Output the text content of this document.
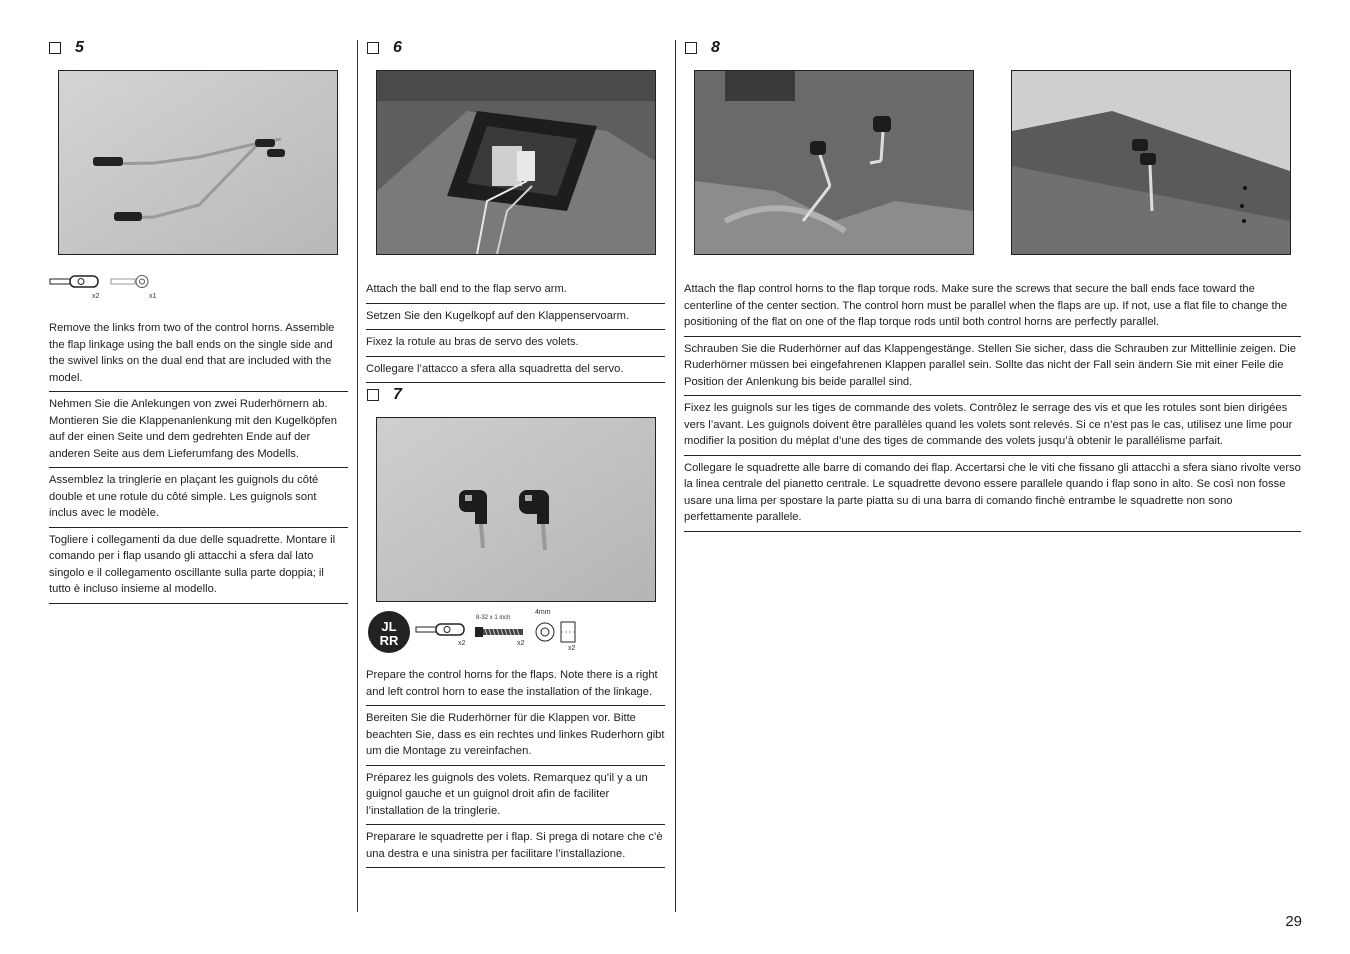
5
x2	x1

Remove the links from two of the control horns. Assemble the flap linkage using the ball ends on the single side and the swivel links on the dual end that are included with the model.

Nehmen Sie die Anlekungen von zwei Ruderhörnern ab. Montieren Sie die Klappenanlenkung mit den Kugelköpfen auf der einen Seite und dem gedrehten Ende auf der anderen Seite aus dem Lieferumfang des Modells.

Assemblez la tringlerie en plaçant les guignols du côté double et une rotule du côté simple. Les guignols sont inclus avec le modèle.

Togliere i collegamenti da due delle squadrette. Montare il comando per i flap usando gli attacchi a sfera dal lato singolo e il collegamento oscillante sulla parte doppia; il tutto è incluso insieme al modello.

6

Attach the ball end to the flap servo arm.

Setzen Sie den Kugelkopf auf den Klappenservoarm.

Fixez la rotule au bras de servo des volets.

Collegare l’attacco a sfera alla squadretta del servo.

7
JL
RR	x2
8-32 x 1 inch
x2
4mm
x2

Prepare the control horns for the flaps. Note there is a right and left control horn to ease the installation of the linkage.

Bereiten Sie die Ruderhörner für die Klappen vor. Bitte beachten Sie, dass es ein rechtes und linkes Ruderhorn gibt um die Montage zu vereinfachen.

Préparez les guignols des volets. Remarquez qu’il y a un guignol gauche et un guignol droit afin de faciliter l’installation de la tringlerie.

Preparare le squadrette per i flap. Si prega di notare che c’è una destra e una sinistra per facilitare l’installazione.

8

Attach the flap control horns to the flap torque rods. Make sure the screws that secure the ball ends face toward the centerline of the center section. The control horn must be parallel when the flaps are up. If not, use a flat file to change the positioning of the flat on one of the flap torque rods until both control horns are perfectly parallel.

Schrauben Sie die Ruderhörner auf das Klappengestänge. Stellen Sie sicher, dass die Schrauben zur Mittellinie zeigen. Die Ruderhörner müssen bei eingefahrenen Klappen parallel sein. Sollte das nicht der Fall sein ändern Sie mit einer Feile die Position der Anlenkung bis beide parallel sind.

Fixez les guignols sur les tiges de commande des volets. Contrôlez le serrage des vis et que les rotules sont bien dirigées vers l’avant. Les guignols doivent être parallèles quand les volets sont relevés. Si ce n’est pas le cas, utilisez une lime pour modifier la position du méplat d’une des tiges de commande des volets jusqu’à obtenir le parallélisme parfait.

Collegare le squadrette alle barre di comando dei flap. Accertarsi che le viti che fissano gli attacchi a sfera siano rivolte verso la linea centrale del pianetto centrale. Le squadrette devono essere parallele quando i flap sono in alto. Se così non fosse usare una lima per spostare la parte piatta su di una barra di comando finchè entrambe le squadrette non sono perfettamente parallele.

29
